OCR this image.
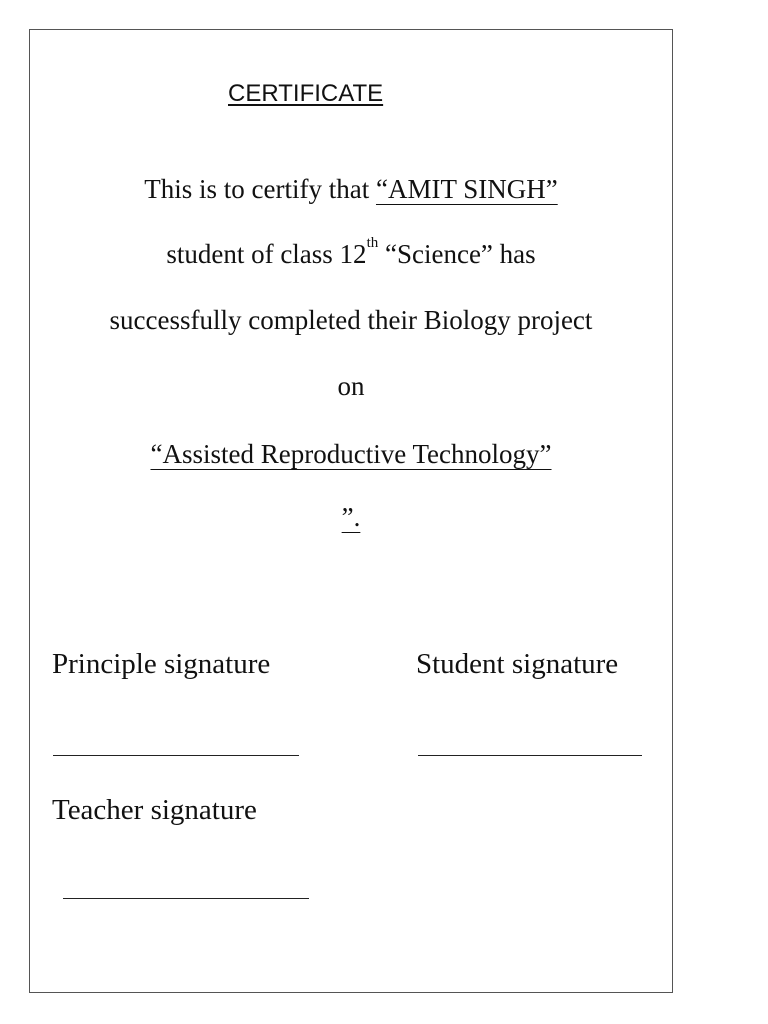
CERTIFICATE
This is to certify that “AMIT SINGH”
student of class 12th “Science” has
successfully completed their Biology project
on
“Assisted Reproductive Technology”
”.
Principle signature	Student signature
Teacher signature
